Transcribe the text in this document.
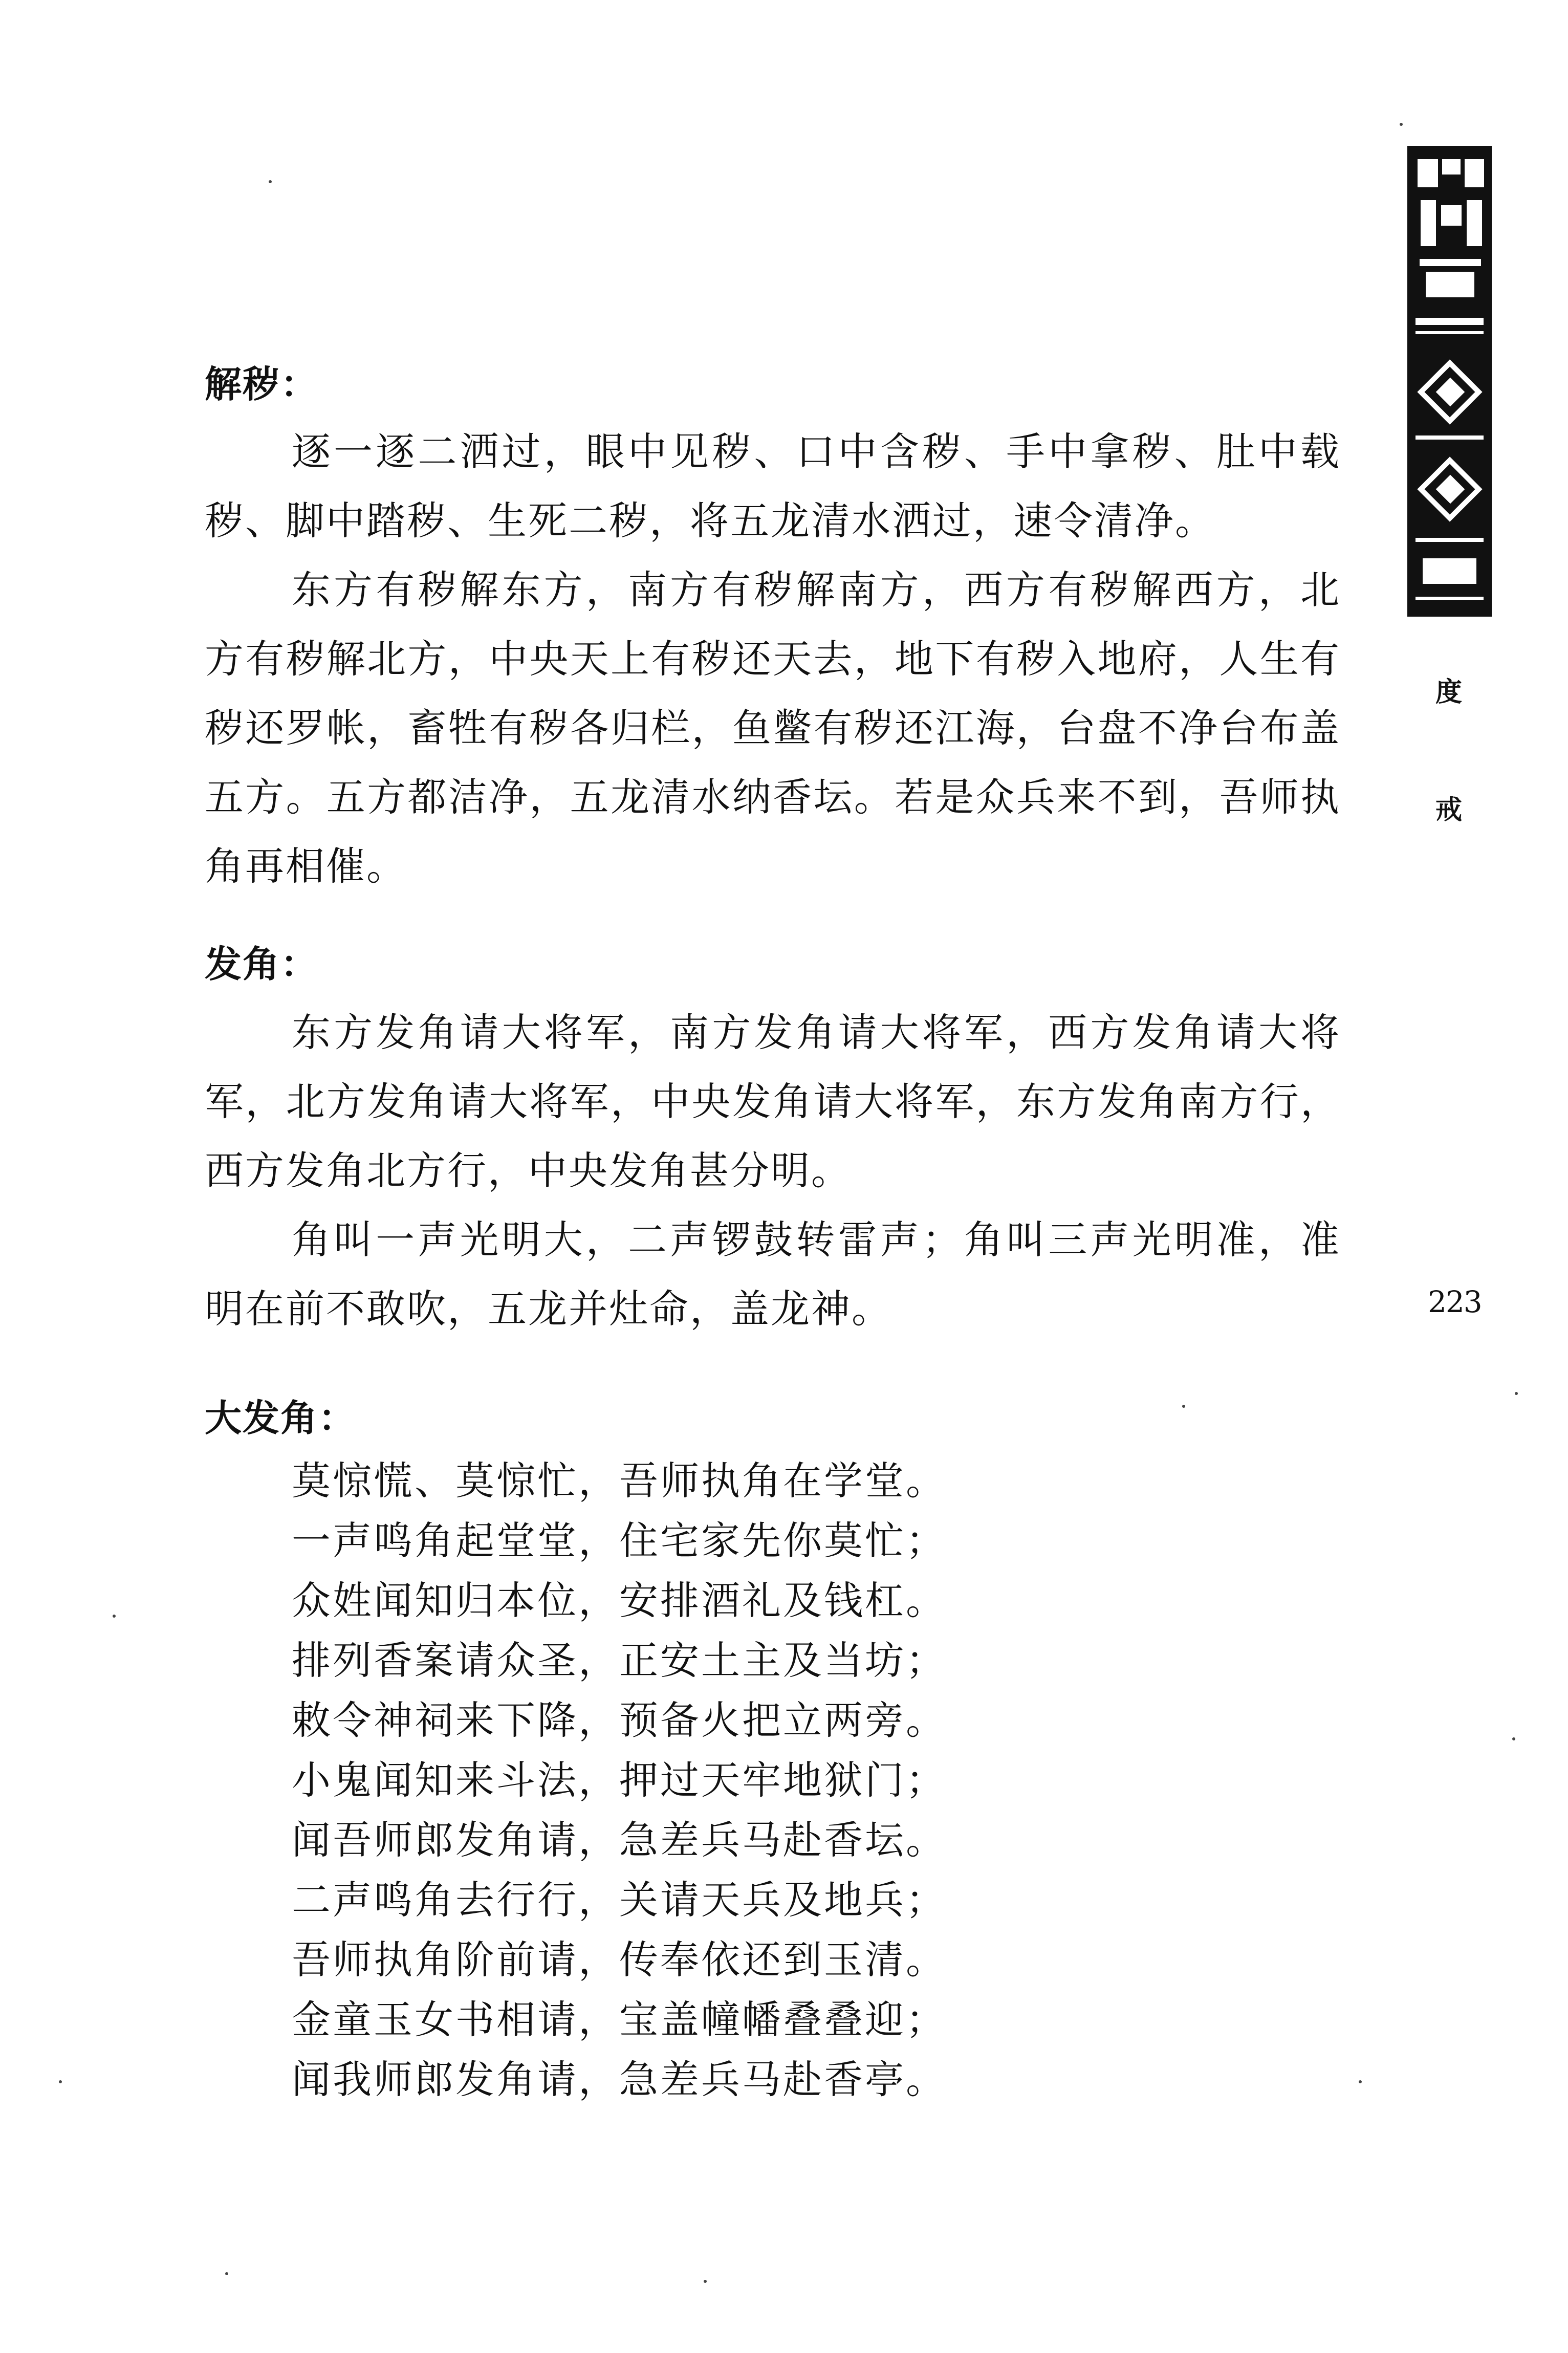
解秽：
逐一逐二洒过，眼中见秽、口中含秽、手中拿秽、肚中载秽、脚中踏秽、生死二秽，将五龙清水洒过，速令清净。
东方有秽解东方，南方有秽解南方，西方有秽解西方，北方有秽解北方，中央天上有秽还天去，地下有秽入地府，人生有秽还罗帐，畜牲有秽各归栏，鱼鳖有秽还江海，台盘不净台布盖五方。五方都洁净，五龙清水纳香坛。若是众兵来不到，吾师执角再相催。
发角：
东方发角请大将军，南方发角请大将军，西方发角请大将军，北方发角请大将军，中央发角请大将军，东方发角南方行，西方发角北方行，中央发角甚分明。
角叫一声光明大，二声锣鼓转雷声；角叫三声光明准，准明在前不敢吹，五龙并灶命，盖龙神。
大发角：
莫惊慌、莫惊忙，吾师执角在学堂。
一声鸣角起堂堂，住宅家先你莫忙；
众姓闻知归本位，安排酒礼及钱杠。
排列香案请众圣，正安土主及当坊；
敕令神祠来下降，预备火把立两旁。
小鬼闻知来斗法，押过天牢地狱门；
闻吾师郎发角请，急差兵马赴香坛。
二声鸣角去行行，关请天兵及地兵；
吾师执角阶前请，传奉依还到玉清。
金童玉女书相请，宝盖幢幡叠叠迎；
闻我师郎发角请，急差兵马赴香亭。
度
戒
223
